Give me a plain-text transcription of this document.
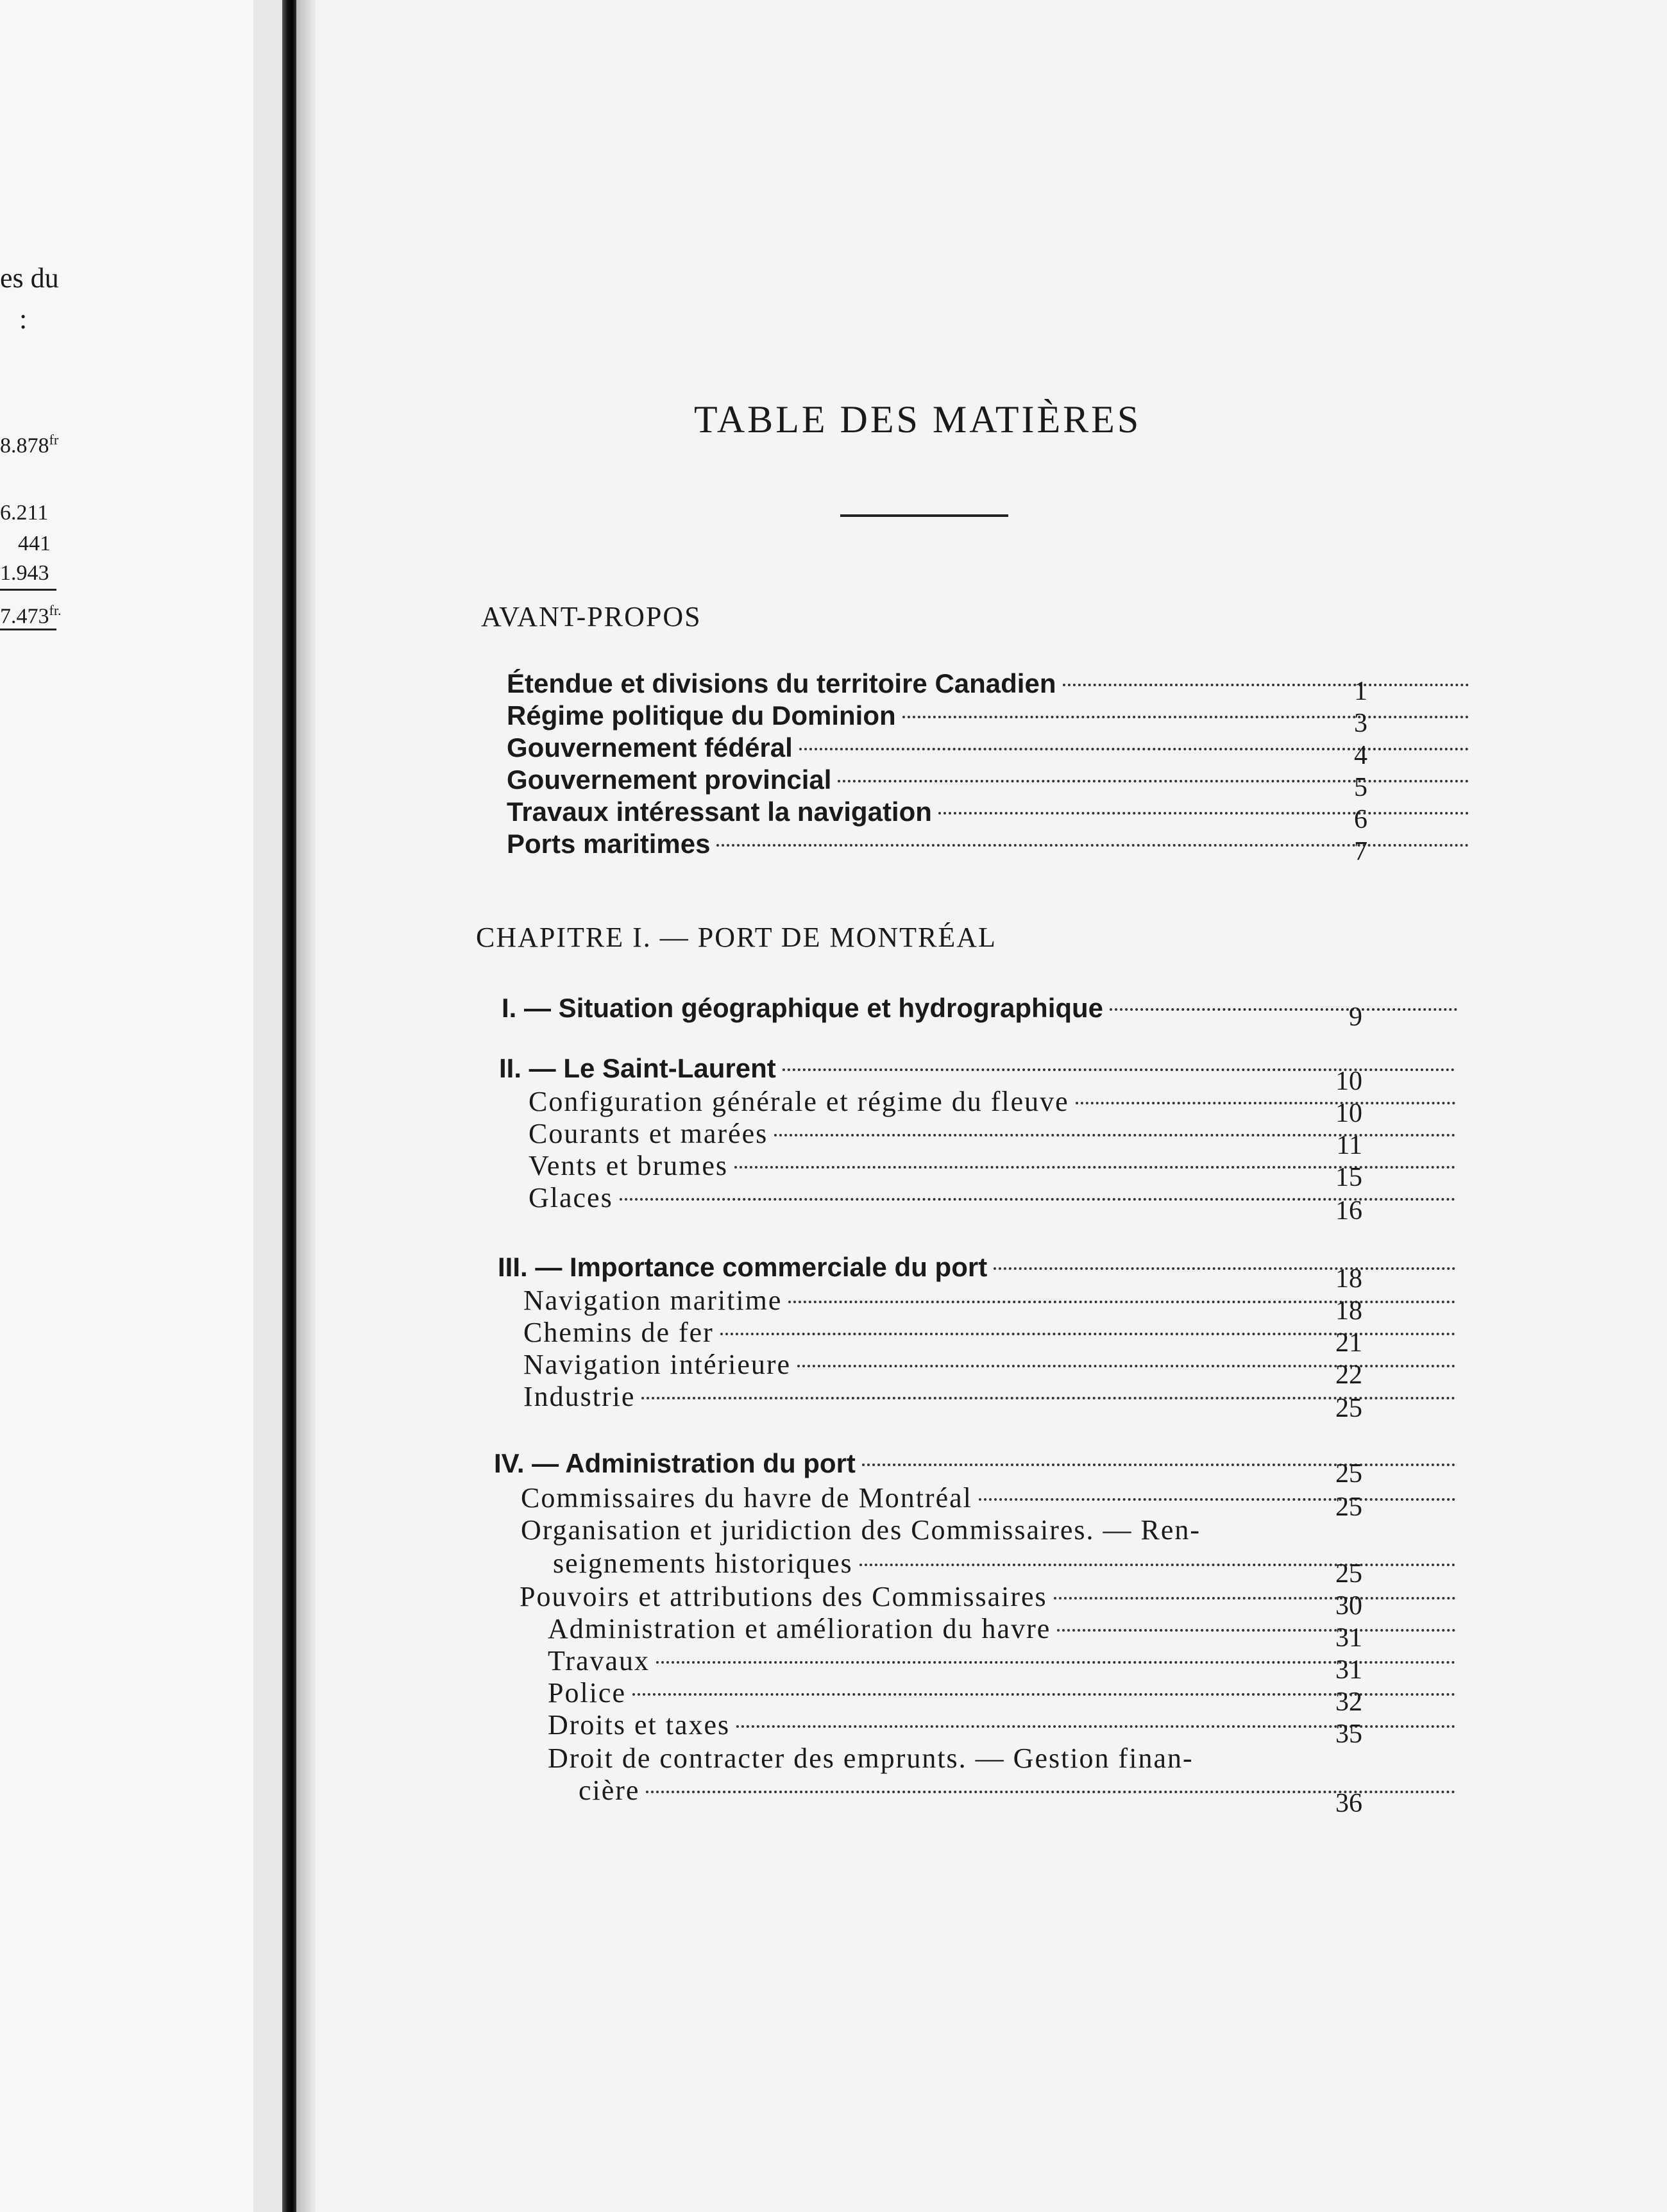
es du
:
$8.878^{fr}$
6.211
441
1.943
$7.473^{fr.}$
TABLE DES MATIÈRES
AVANT-PROPOS
Étendue et divisions du territoire Canadien	1
Régime politique du Dominion	3
Gouvernement fédéral	4
Gouvernement provincial	5
Travaux intéressant la navigation	6
Ports maritimes	7
CHAPITRE I. — PORT DE MONTRÉAL
I. — Situation géographique et hydrographique	9
II. — Le Saint-Laurent	10
Configuration générale et régime du fleuve	10
Courants et marées	11
Vents et brumes	15
Glaces	16
III. — Importance commerciale du port	18
Navigation maritime	18
Chemins de fer	21
Navigation intérieure	22
Industrie	25
IV. — Administration du port	25
Commissaires du havre de Montréal	25
Organisation et juridiction des Commissaires. — Ren-
seignements historiques	25
Pouvoirs et attributions des Commissaires	30
Administration et amélioration du havre	31
Travaux	31
Police	32
Droits et taxes	35
Droit de contracter des emprunts. — Gestion finan-
cière	36
